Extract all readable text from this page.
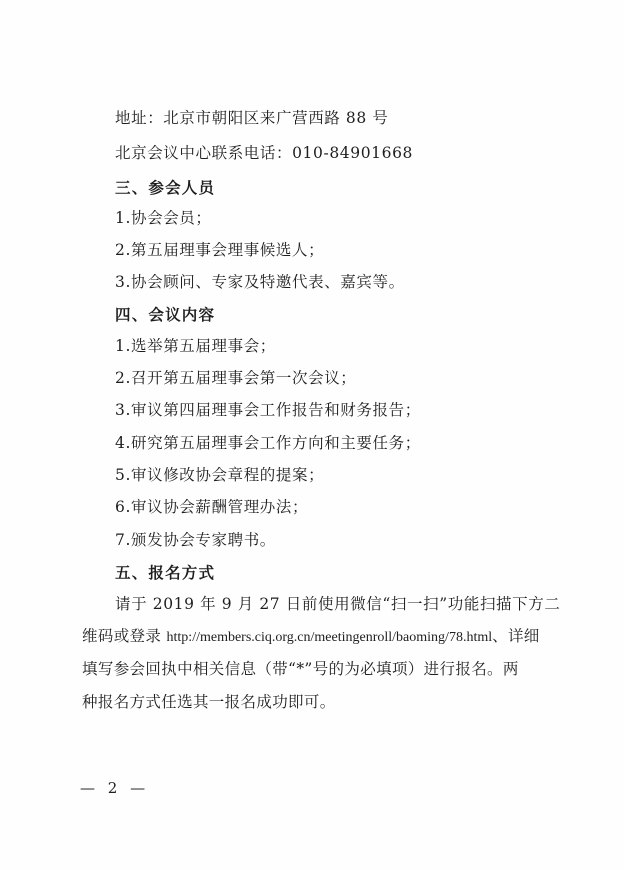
地址：北京市朝阳区来广营西路 88 号
北京会议中心联系电话：010-84901668
三、参会人员
1.协会会员；
2.第五届理事会理事候选人；
3.协会顾问、专家及特邀代表、嘉宾等。
四、会议内容
1.选举第五届理事会；
2.召开第五届理事会第一次会议；
3.审议第四届理事会工作报告和财务报告；
4.研究第五届理事会工作方向和主要任务；
5.审议修改协会章程的提案；
6.审议协会薪酬管理办法；
7.颁发协会专家聘书。
五、报名方式
请于 2019 年 9 月 27 日前使用微信“扫一扫”功能扫描下方二
维码或登录 http://members.ciq.org.cn/meetingenroll/baoming/78.html、详细
填写参会回执中相关信息（带“*”号的为必填项）进行报名。两
种报名方式任选其一报名成功即可。
— 2 —
